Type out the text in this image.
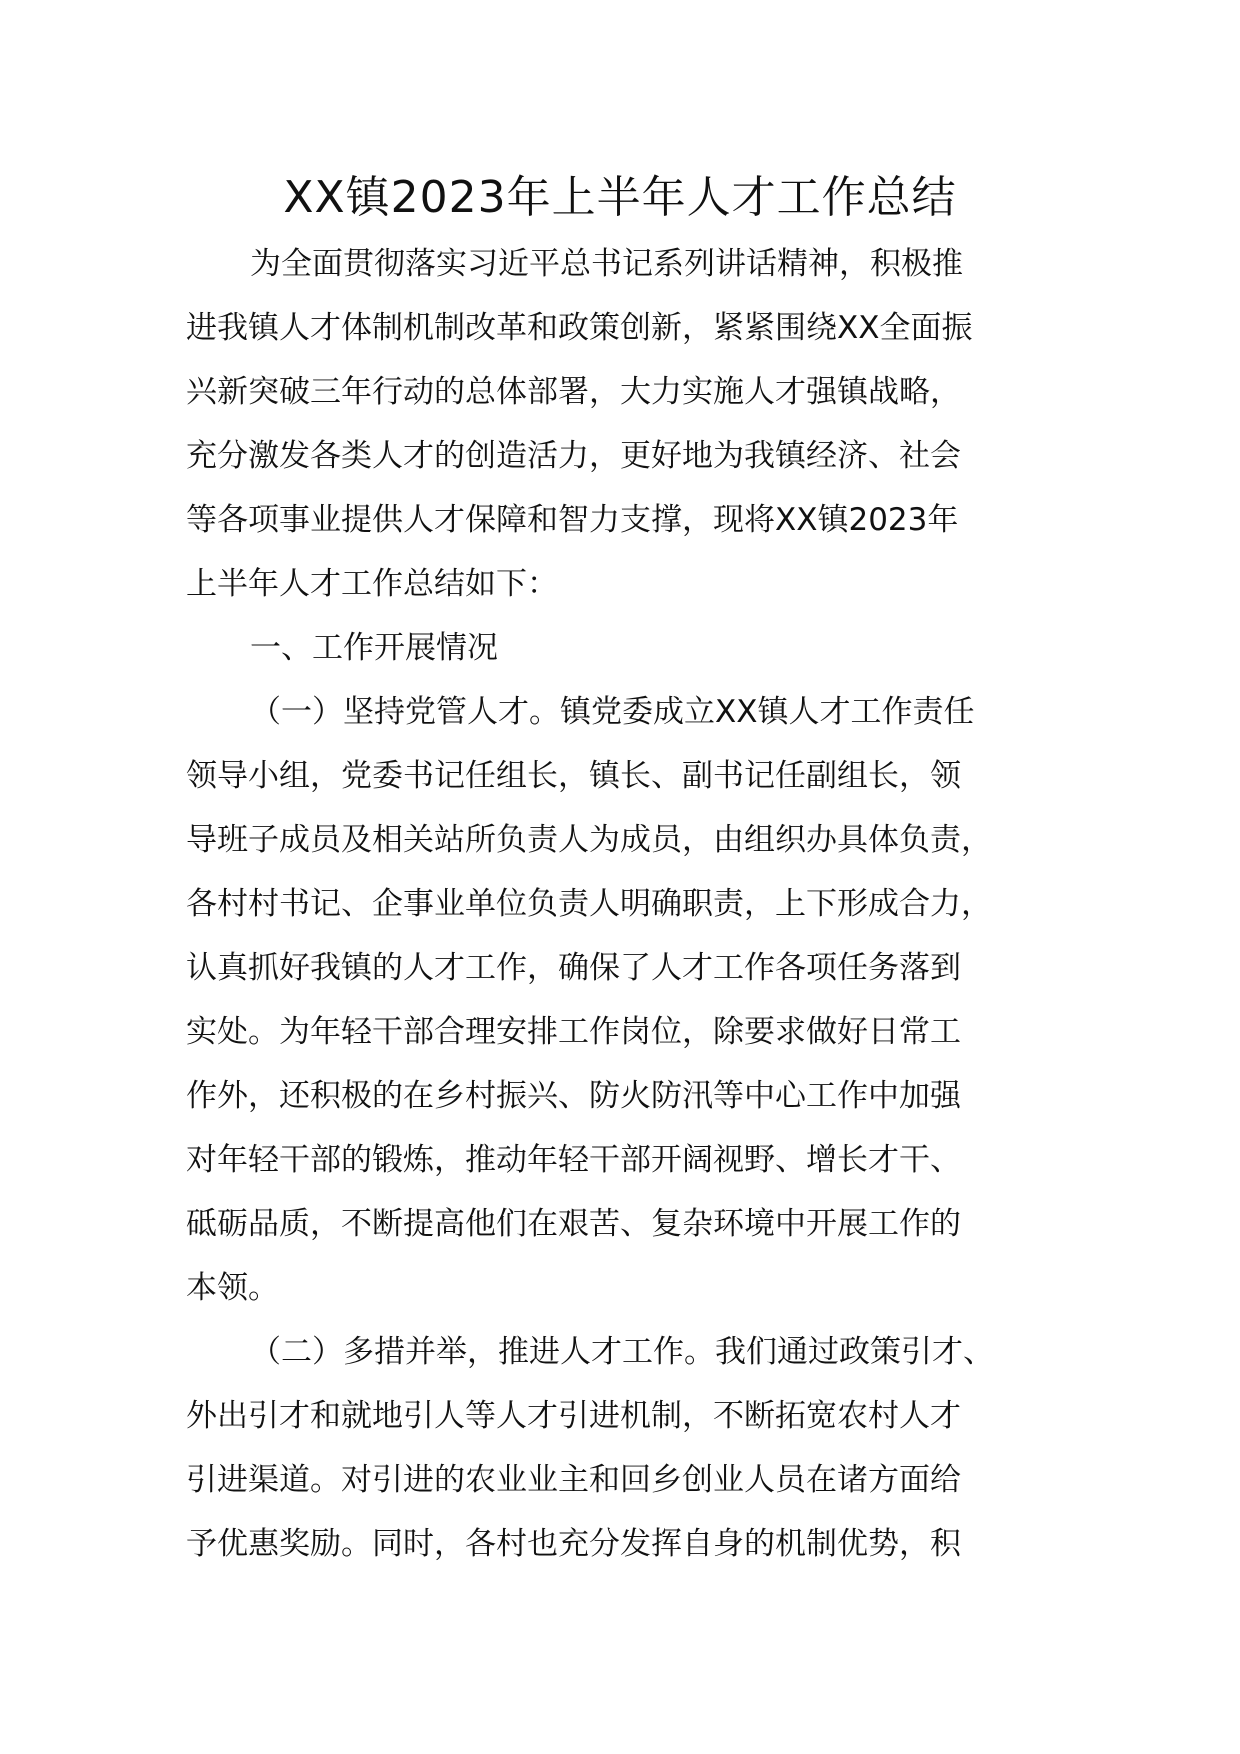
XX镇2023年上半年人才工作总结
为全面贯彻落实习近平总书记系列讲话精神，积极推
进我镇人才体制机制改革和政策创新，紧紧围绕XX全面振
兴新突破三年行动的总体部署，大力实施人才强镇战略，
充分激发各类人才的创造活力，更好地为我镇经济、社会
等各项事业提供人才保障和智力支撑，现将XX镇2023年
上半年人才工作总结如下：
一、工作开展情况
（一）坚持党管人才。镇党委成立XX镇人才工作责任
领导小组，党委书记任组长，镇长、副书记任副组长，领
导班子成员及相关站所负责人为成员，由组织办具体负责，
各村村书记、企事业单位负责人明确职责，上下形成合力，
认真抓好我镇的人才工作，确保了人才工作各项任务落到
实处。为年轻干部合理安排工作岗位，除要求做好日常工
作外，还积极的在乡村振兴、防火防汛等中心工作中加强
对年轻干部的锻炼，推动年轻干部开阔视野、增长才干、
砥砺品质，不断提高他们在艰苦、复杂环境中开展工作的
本领。
（二）多措并举，推进人才工作。我们通过政策引才、
外出引才和就地引人等人才引进机制，不断拓宽农村人才
引进渠道。对引进的农业业主和回乡创业人员在诸方面给
予优惠奖励。同时，各村也充分发挥自身的机制优势，积
